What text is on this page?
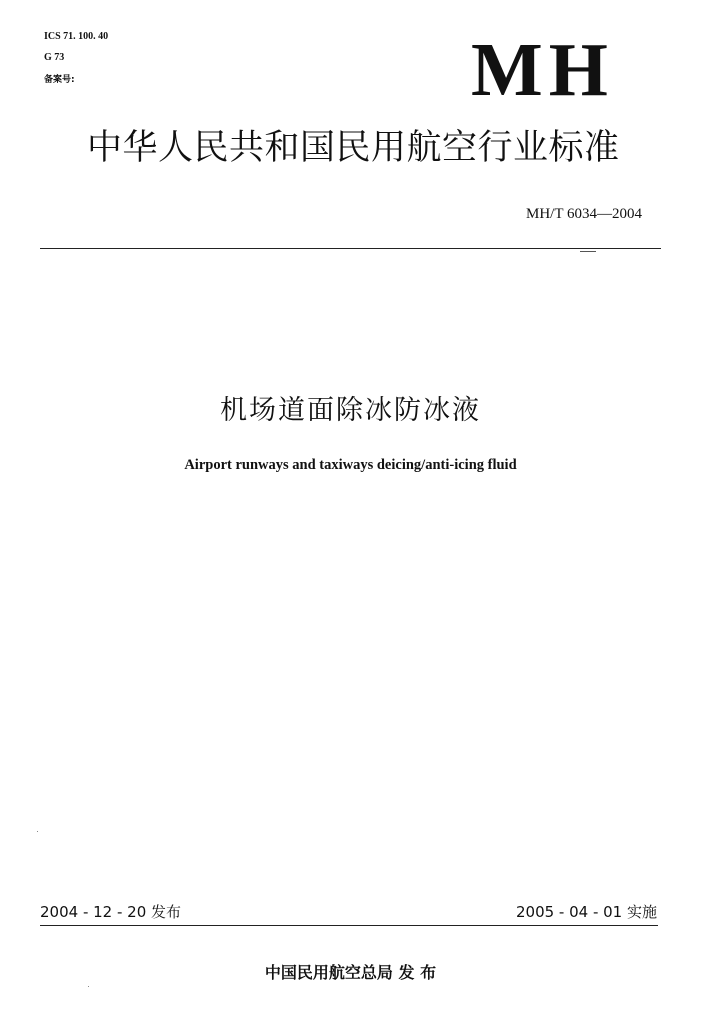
ICS 71. 100. 40
G 73
备案号:	MH
中华人民共和国民用航空行业标准
MH/T 6034—2004
机场道面除冰防冰液
Airport runways and taxiways deicing/anti-icing fluid
2004 - 12 - 20 发布	2005 - 04 - 01 实施
中国民用航空总局 发 布
